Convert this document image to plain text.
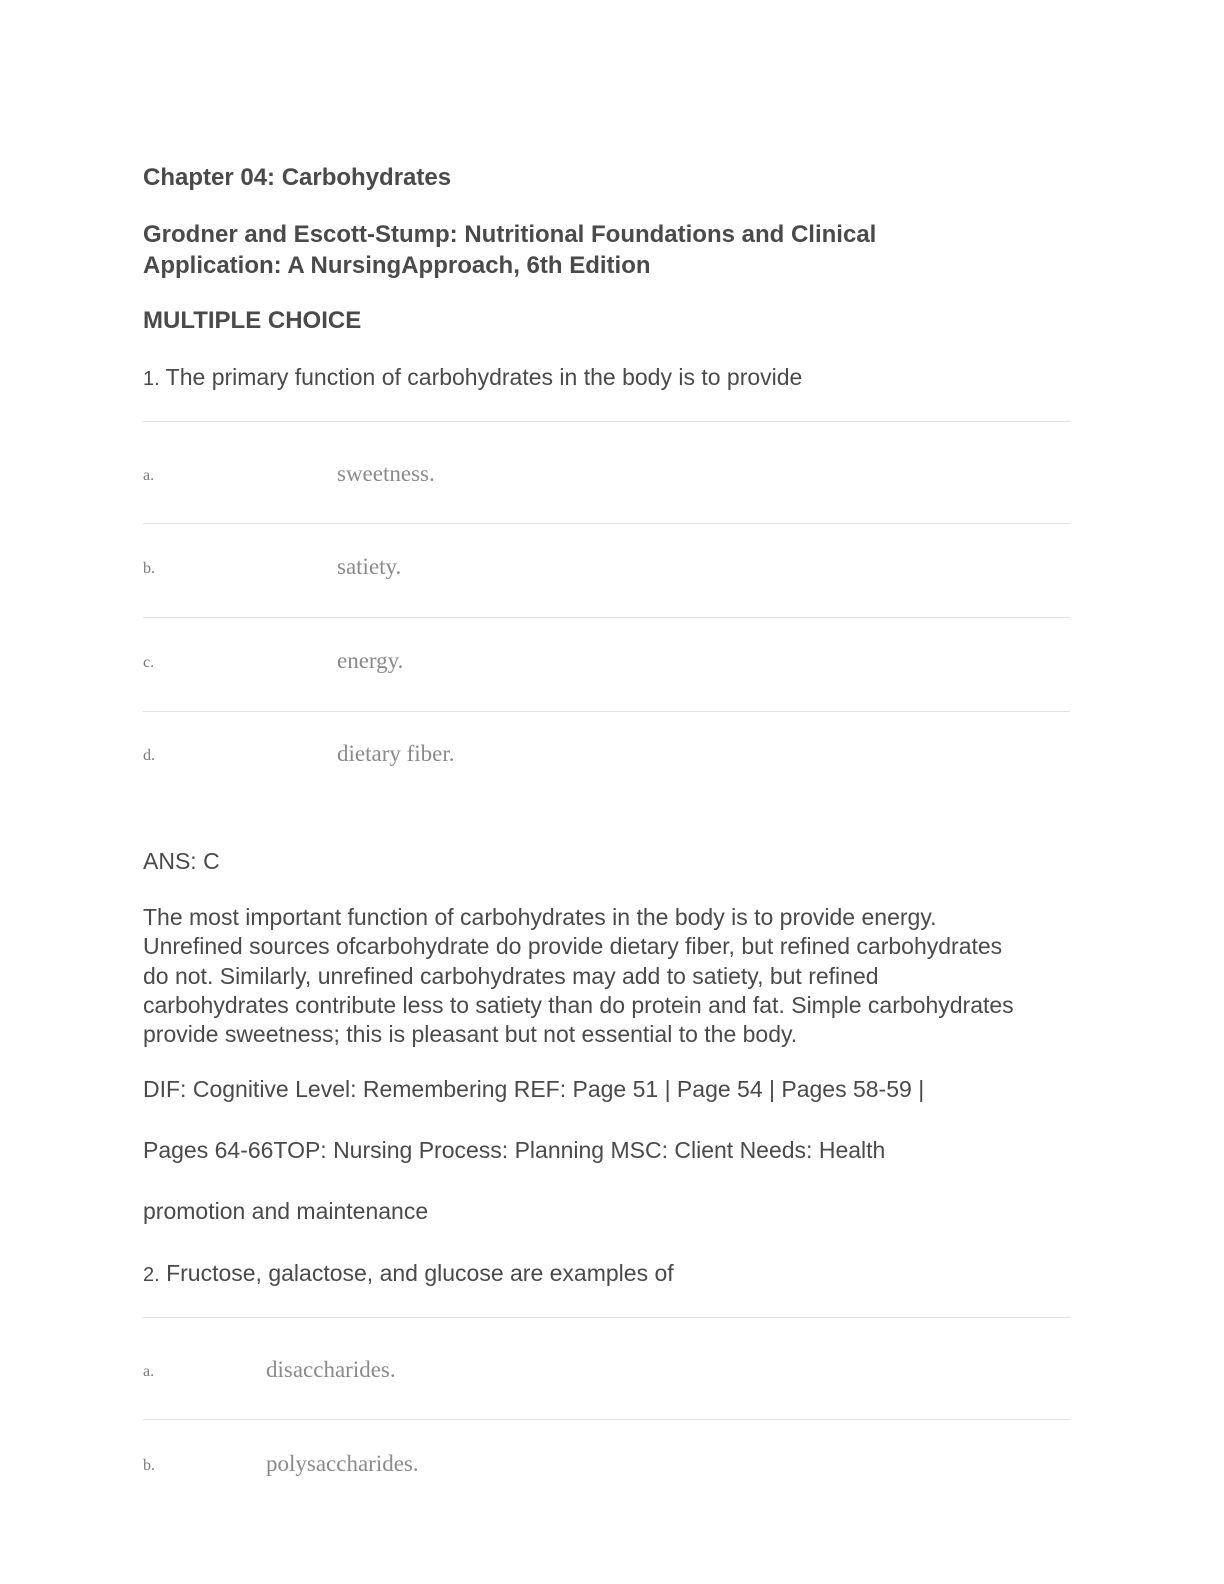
Chapter 04: Carbohydrates
Grodner and Escott-Stump: Nutritional Foundations and Clinical
Application: A NursingApproach, 6th Edition
MULTIPLE CHOICE
1. The primary function of carbohydrates in the body is to provide
a.	sweetness.
b.	satiety.
c.	energy.
d.	dietary fiber.
ANS: C
The most important function of carbohydrates in the body is to provide energy.
Unrefined sources ofcarbohydrate do provide dietary fiber, but refined carbohydrates
do not. Similarly, unrefined carbohydrates may add to satiety, but refined
carbohydrates contribute less to satiety than do protein and fat. Simple carbohydrates
provide sweetness; this is pleasant but not essential to the body.
DIF: Cognitive Level: Remembering REF: Page 51 | Page 54 | Pages 58-59 |
Pages 64-66TOP: Nursing Process: Planning MSC: Client Needs: Health
promotion and maintenance
2. Fructose, galactose, and glucose are examples of
a.	disaccharides.
b.	polysaccharides.
